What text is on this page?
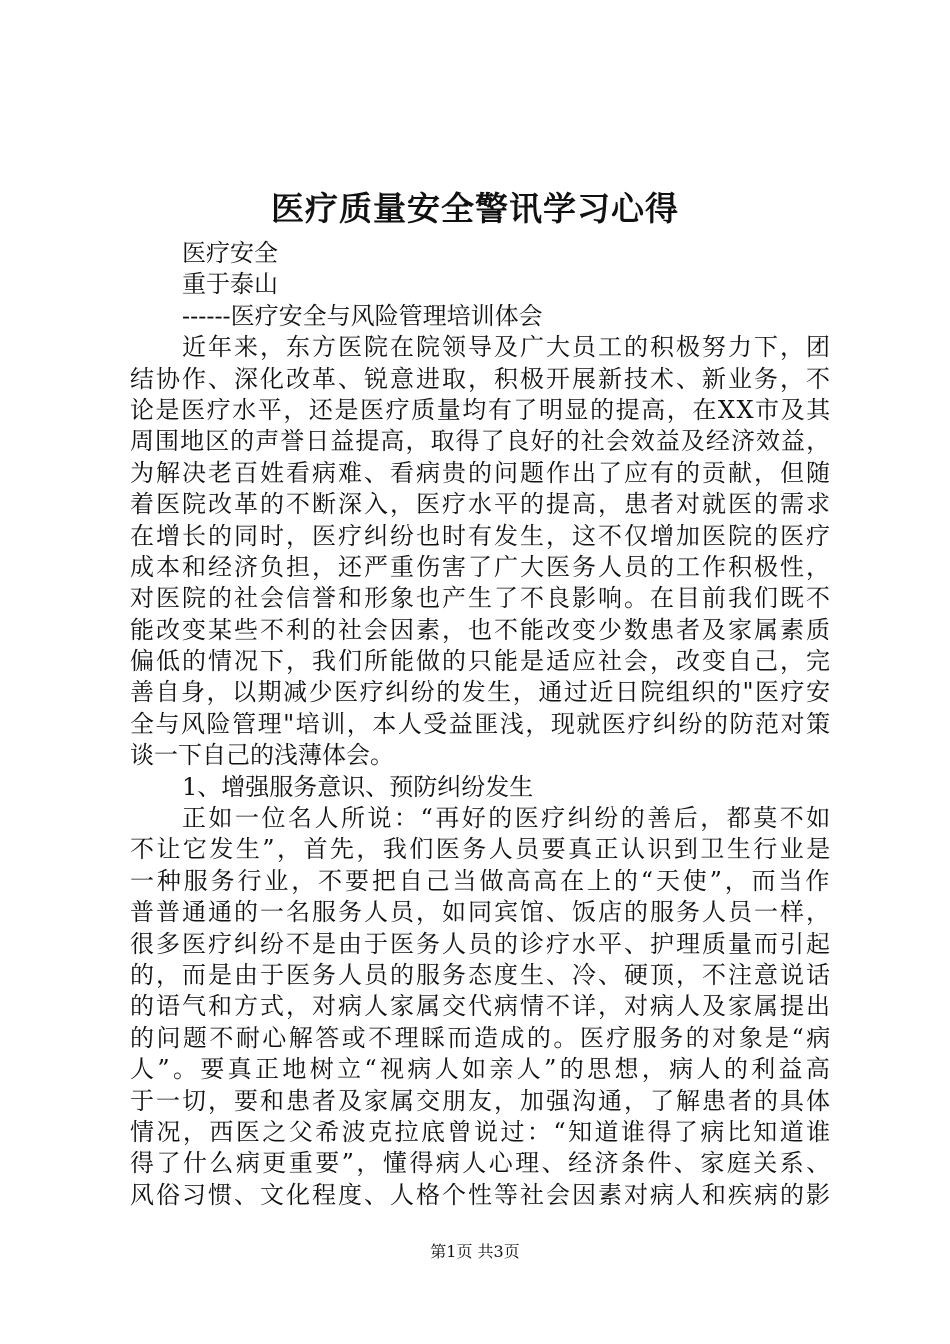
医疗质量安全警讯学习心得
医疗安全
重于泰山
------医疗安全与风险管理培训体会
近年来，东方医院在院领导及广大员工的积极努力下，团
结协作、深化改革、锐意进取，积极开展新技术、新业务，不
论是医疗水平，还是医疗质量均有了明显的提高，在XX市及其
周围地区的声誉日益提高，取得了良好的社会效益及经济效益，
为解决老百姓看病难、看病贵的问题作出了应有的贡献，但随
着医院改革的不断深入，医疗水平的提高，患者对就医的需求
在增长的同时，医疗纠纷也时有发生，这不仅增加医院的医疗
成本和经济负担，还严重伤害了广大医务人员的工作积极性，
对医院的社会信誉和形象也产生了不良影响。在目前我们既不
能改变某些不利的社会因素，也不能改变少数患者及家属素质
偏低的情况下，我们所能做的只能是适应社会，改变自己，完
善自身，以期减少医疗纠纷的发生，通过近日院组织的"医疗安
全与风险管理"培训，本人受益匪浅，现就医疗纠纷的防范对策
谈一下自己的浅薄体会。
1、增强服务意识、预防纠纷发生
正如一位名人所说：“再好的医疗纠纷的善后，都莫不如
不让它发生”，首先，我们医务人员要真正认识到卫生行业是
一种服务行业，不要把自己当做高高在上的“天使”，而当作
普普通通的一名服务人员，如同宾馆、饭店的服务人员一样，
很多医疗纠纷不是由于医务人员的诊疗水平、护理质量而引起
的，而是由于医务人员的服务态度生、冷、硬顶，不注意说话
的语气和方式，对病人家属交代病情不详，对病人及家属提出
的问题不耐心解答或不理睬而造成的。医疗服务的对象是“病
人”。要真正地树立“视病人如亲人”的思想，病人的利益高
于一切，要和患者及家属交朋友，加强沟通，了解患者的具体
情况，西医之父希波克拉底曾说过：“知道谁得了病比知道谁
得了什么病更重要”，懂得病人心理、经济条件、家庭关系、
风俗习惯、文化程度、人格个性等社会因素对病人和疾病的影
第1页 共3页
